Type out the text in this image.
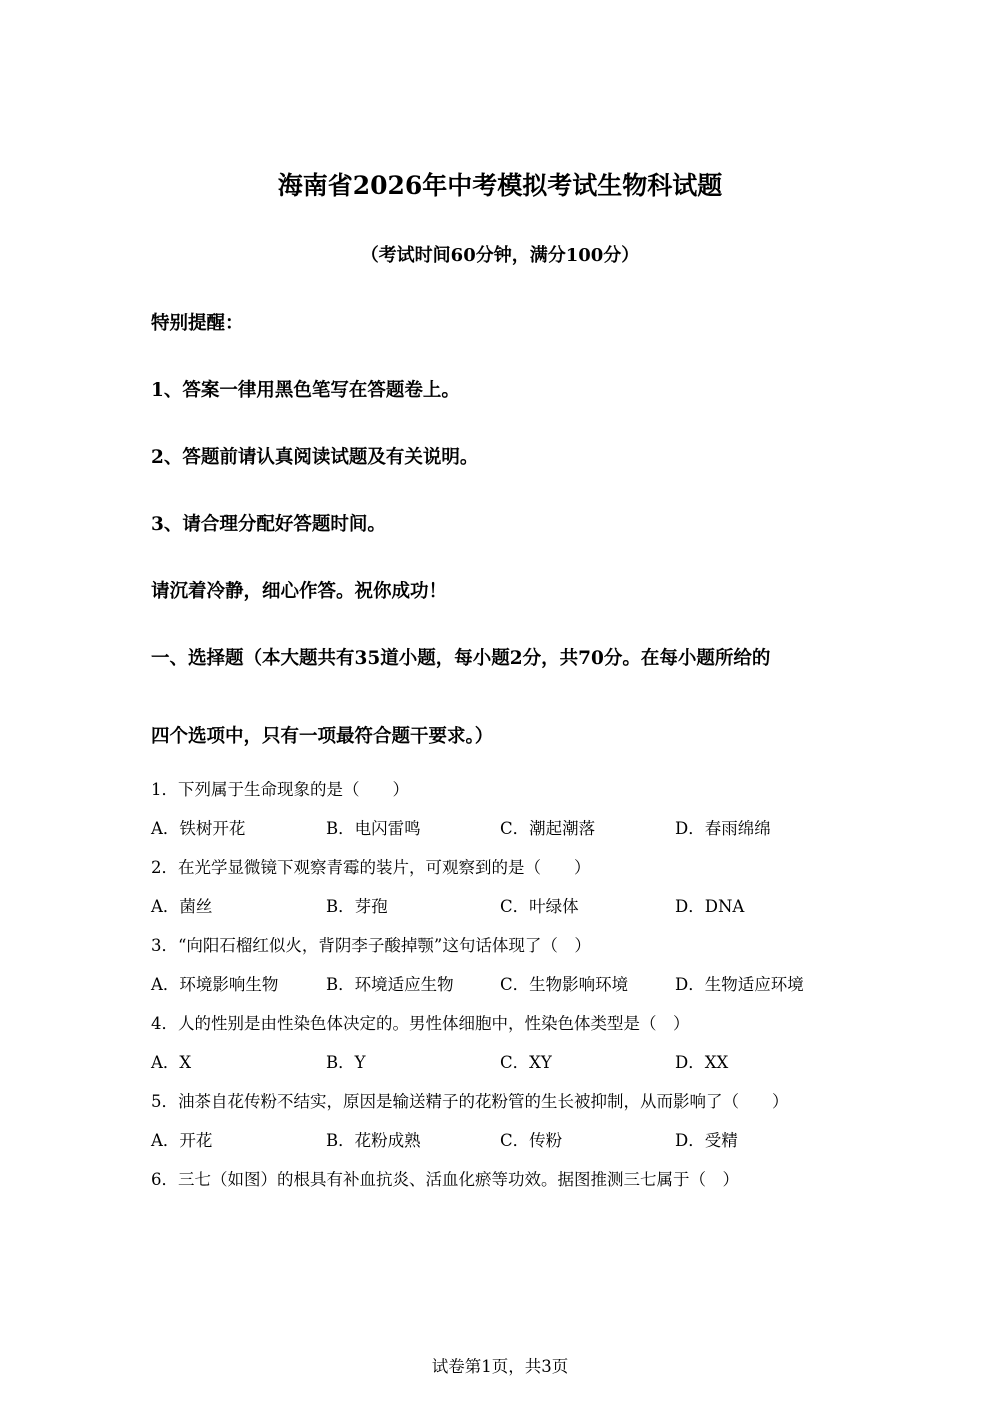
海南省2026年中考模拟考试生物科试题
（考试时间60分钟，满分100分）
特别提醒：
1、答案一律用黑色笔写在答题卷上。
2、答题前请认真阅读试题及有关说明。
3、请合理分配好答题时间。
请沉着冷静，细心作答。祝你成功！
一、选择题（本大题共有35道小题，每小题2分，共70分。在每小题所给的
四个选项中，只有一项最符合题干要求。）
1．下列属于生命现象的是（　　）
A．铁树开花	B．电闪雷鸣	C．潮起潮落	D．春雨绵绵
2．在光学显微镜下观察青霉的装片，可观察到的是（　　）
A．菌丝	B．芽孢	C．叶绿体	D．DNA
3．“向阳石榴红似火，背阴李子酸掉颚”这句话体现了（　）
A．环境影响生物	B．环境适应生物	C．生物影响环境	D．生物适应环境
4．人的性别是由性染色体决定的。男性体细胞中，性染色体类型是（　）
A．X	B．Y	C．XY	D．XX
5．油茶自花传粉不结实，原因是输送精子的花粉管的生长被抑制，从而影响了（　　）
A．开花	B．花粉成熟	C．传粉	D．受精
6．三七（如图）的根具有补血抗炎、活血化瘀等功效。据图推测三七属于（　）
试卷第1页，共3页
